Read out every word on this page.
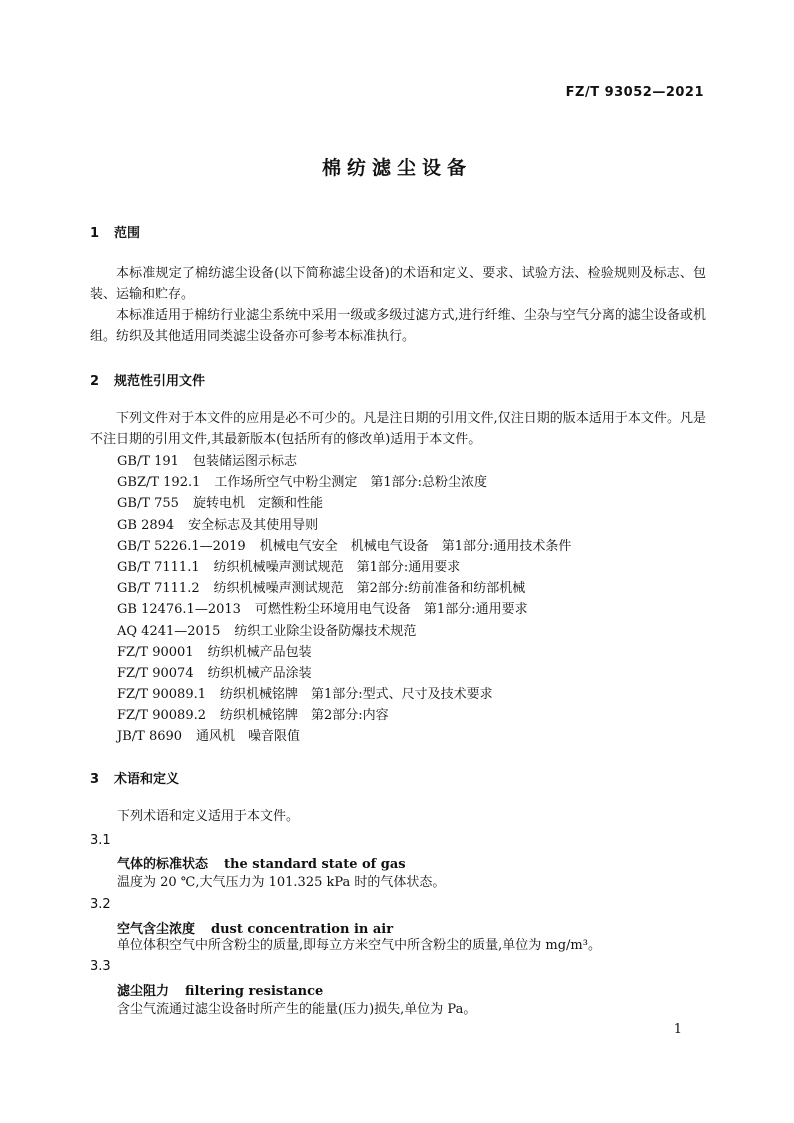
FZ/T 93052—2021
棉纺滤尘设备
1 范围
本标准规定了棉纺滤尘设备(以下简称滤尘设备)的术语和定义、要求、试验方法、检验规则及标志、包装、运输和贮存。
本标准适用于棉纺行业滤尘系统中采用一级或多级过滤方式,进行纤维、尘杂与空气分离的滤尘设备或机组。纺织及其他适用同类滤尘设备亦可参考本标准执行。
2 规范性引用文件
下列文件对于本文件的应用是必不可少的。凡是注日期的引用文件,仅注日期的版本适用于本文件。凡是不注日期的引用文件,其最新版本(包括所有的修改单)适用于本文件。
GB/T 191 包装储运图示标志
GBZ/T 192.1 工作场所空气中粉尘测定　第1部分:总粉尘浓度
GB/T 755 旋转电机　定额和性能
GB 2894 安全标志及其使用导则
GB/T 5226.1—2019 机械电气安全　机械电气设备　第1部分:通用技术条件
GB/T 7111.1 纺织机械噪声测试规范　第1部分:通用要求
GB/T 7111.2 纺织机械噪声测试规范　第2部分:纺前准备和纺部机械
GB 12476.1—2013 可燃性粉尘环境用电气设备　第1部分:通用要求
AQ 4241—2015 纺织工业除尘设备防爆技术规范
FZ/T 90001 纺织机械产品包装
FZ/T 90074 纺织机械产品涂装
FZ/T 90089.1 纺织机械铭牌　第1部分:型式、尺寸及技术要求
FZ/T 90089.2 纺织机械铭牌　第2部分:内容
JB/T 8690 通风机　噪音限值
3 术语和定义
下列术语和定义适用于本文件。
3.1
气体的标准状态 the standard state of gas
温度为 20 ℃,大气压力为 101.325 kPa 时的气体状态。
3.2
空气含尘浓度 dust concentration in air
单位体积空气中所含粉尘的质量,即每立方米空气中所含粉尘的质量,单位为 mg/m³。
3.3
滤尘阻力 filtering resistance
含尘气流通过滤尘设备时所产生的能量(压力)损失,单位为 Pa。
1
